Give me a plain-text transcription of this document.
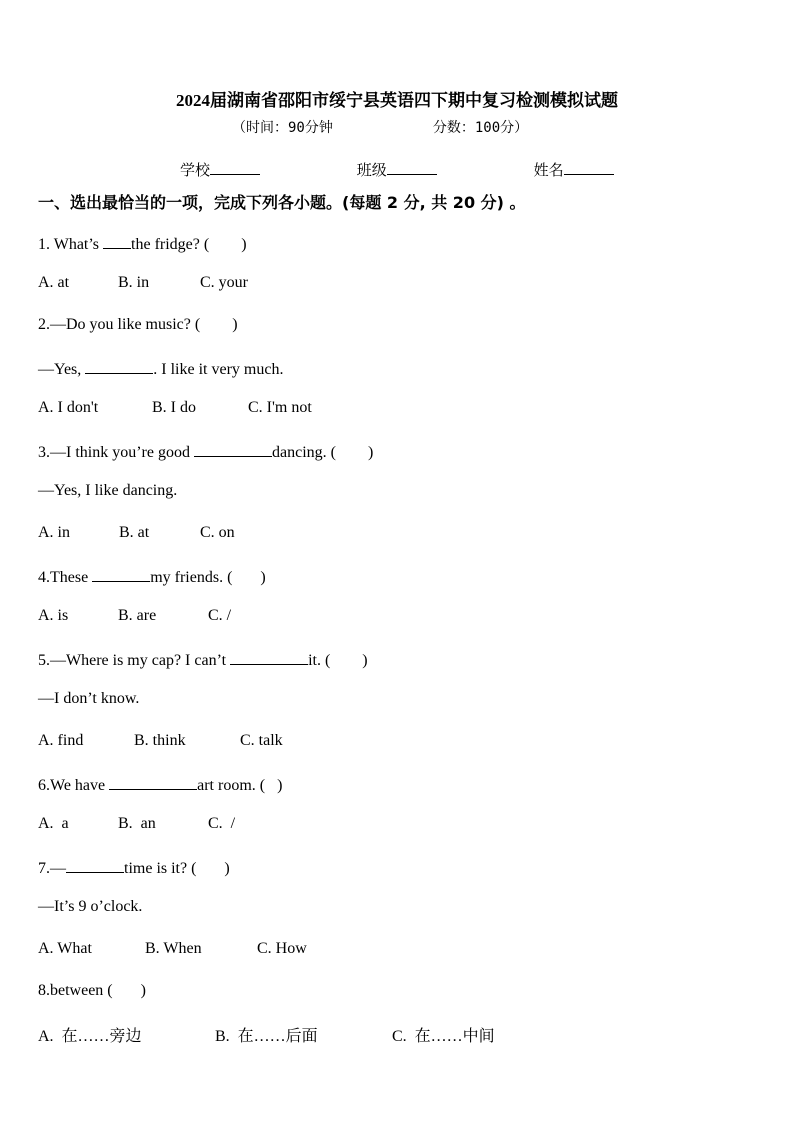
2024届湖南省邵阳市绥宁县英语四下期中复习检测模拟试题
（时间：90分钟	分数：100分）
学校	班级	姓名
一、选出最恰当的一项，完成下列各小题。(每题 2 分, 共 20 分) 。
1. What’s the fridge? (        )
A. at	B. in	C. your
2.—Do you like music? (        )
—Yes,	. I like it very much.
A. I don't	B. I do	C. I'm not
3.—I think you’re good	dancing. (        )
—Yes, I like dancing.
A. in	B. at	C. on
4.These	my friends. (       )
A. is	B. are	C. /
5.—Where is my cap? I can’t	it. (        )
—I don’t know.
A. find	B. think	C. talk
6.We have	art room. (   )
A.  a	B.  an	C.  /
7.—	time is it? (       )
—It’s 9 o’clock.
A. What	B. When	C. How
8.between (       )
A.  在……旁边	B.  在……后面	C.  在……中间
